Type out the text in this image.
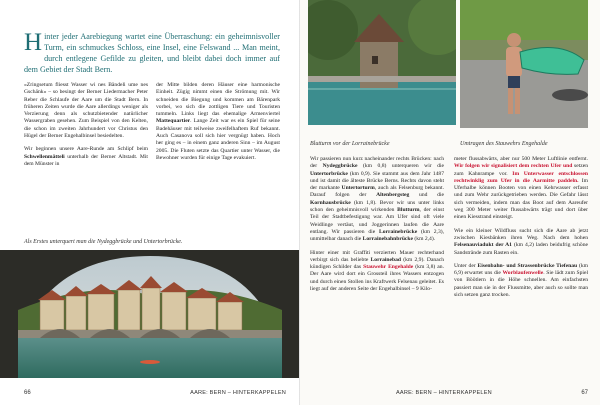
Hinter jeder Aarebiegung wartet eine Überraschung: ein geheimnisvoller Turm, ein schmuckes Schloss, eine Insel, eine Felswand ... Man meint, durch entlegene Gefilde zu gleiten, und bleibt dabei doch immer auf dem Gebiet der Stadt Bern.

«Zringsetum fliesst Wasser wi nes Bändeli ume nes Gschänk» – so besingt der Berner Liedermacher Peter Reber die Schlaufe der Aare um die Stadt Bern. In früheren Zeiten wurde die Aare allerdings weniger als Verzierung denn als schutzbietender natürlicher Wassergraben gesehen. Zum Beispiel von den Kelten, die schon im zweiten Jahrhundert vor Christus den Hügel der Berner Engehalbinsel besiedelten.

Wir beginnen unsere Aare-Runde am Schlipf beim Schwellenmätteli unterhalb der Berner Altstadt. Mit dem Münster in

der Mitte bilden deren Häuser eine harmonische Einheit. Zügig nimmt einen die Strömung mit. Wir schneiden die Biegung und kommen am Bärenpark vorbei, wo sich die zottligen Tiere und Touristen tummeln. Links liegt das ehemalige Armenviertel Mattequartier. Lange Zeit war es ein Spiel für seine Badehäuser mit teilweise zweifelhaftem Ruf bekannt. Auch Casanova soll sich hier vergnügt haben. Hoch her ging es – in einem ganz anderen Sinn – im August 2005. Die Fluten setzte das Quartier unter Wasser, die Bewohner wurden für einige Tage evakuiert.

Als Erstes unterquert man die Nydeggbrücke und Untertorbrücke.
AARE: BERN – HINTERKAPPELEN
66
Blutturm vor der Lorrainebrücke	Umtragen des Stauwehrs Engehalde

Wir passieren nun kurz nacheinander rechts Brücken: nach der Nydeggbrücke (km 0,8) unterqueren wir die Untertorbrücke (km 0,9). Sie stammt aus dem Jahr 1487 und ist damit die älteste Brücke Berns. Rechts davon steht der markante Untertorturm, auch als Felsenburg bekannt. Darauf folgen der Altenbergsteg und die Kornhausbrücke (km 1,8). Bevor wir uns unter links schon den geheimnisvoll wirkenden Blutturm, der einst Teil der Stadtbefestigung war. Am Ufer sind oft viele Weidlinge vertäut, und Joggerinnen laufen die Aare entlang. Wir passieren die Lorrainebrücke (km 2,3), unmittelbar danach die Lorrainebahnbrücke (km 2,4).

Hinter einer mit Graffiti verzierten Mauer rechterhand verbirgt sich das beliebte Lorrainebad (km 2,9). Danach kündigen Schilder das Stauwehr Engehalde (km 3,8) an. Der Aare wird dort ein Grossteil ihres Wassers entzogen und durch einen Stollen ins Kraftwerk Felsenau geleitet. Es liegt auf der anderen Seite der Engehalbinsel – 9 Kilo-

meter flussabwärts, aber nur 500 Meter Luftlinie entfernt. Wir folgen wir signalisiert dem rechten Ufer und setzen zum Kahnrampe vor. Im Unterwasser entschlossen rechtwinklig zum Ufer in die Aarmitte paddeln. Im Uferhalbe können Booten von einen Kehrwasser erfasst und zum Wehr zurückgetrieben werden. Die Gefahr lässt sich vermeiden, indem man das Boot auf dem Aareufer weg 300 Meter weiter flussabwärts trägt und dort über einen Kiesstrand einsteigt.

Wie ein kleiner Wildfluss sucht sich die Aare ab jetzt zwischen Kiesbänken ihren Weg. Nach dem hohen Felsenauviadukt der A1 (km 4,2) laden beidufrig schöne Sandstrände zum Rasten ein.

Unter der Eisenbahn- und Strassenbrücke Tiefenau (km 6,9) erwartet uns die Worblaufenwelle. Sie lädt zum Spiel von Böötlern in die Höhe schnellen. Am einfachsten passiert man sie in der Flussmitte, aber auch so sollte man sich setzen ganz trocken.

AARE: BERN – HINTERKAPPELEN	67
